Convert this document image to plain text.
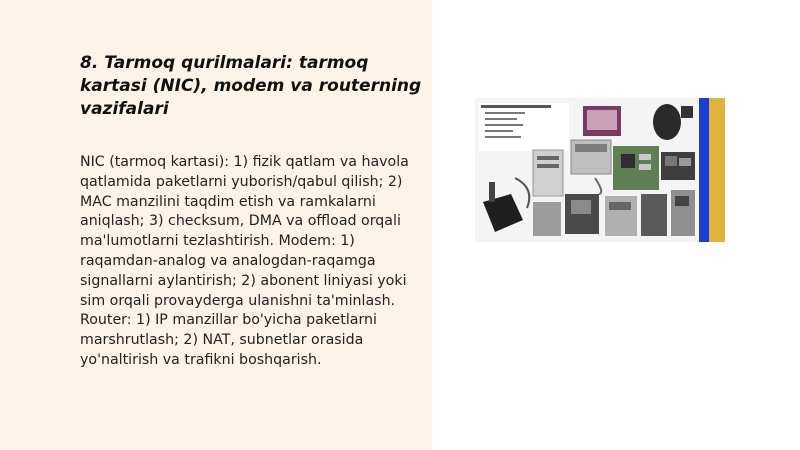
8. Tarmoq qurilmalari: tarmoq kartasi (NIC), modem va routerning vazifalari

NIC (tarmoq kartasi): 1) fizik qatlam va havola qatlamida paketlarni yuborish/qabul qilish; 2) MAC manzilini taqdim etish va ramkalarni aniqlash; 3) checksum, DMA va offload orqali ma'lumotlarni tezlashtirish. Modem: 1) raqamdan-analog va analogdan-raqamga signallarni aylantirish; 2) abonent liniyasi yoki sim orqali provayderga ulanishni ta'minlash. Router: 1) IP manzillar bo'yicha paketlarni marshrutlash; 2) NAT, subnetlar orasida yo'naltirish va trafikni boshqarish.
